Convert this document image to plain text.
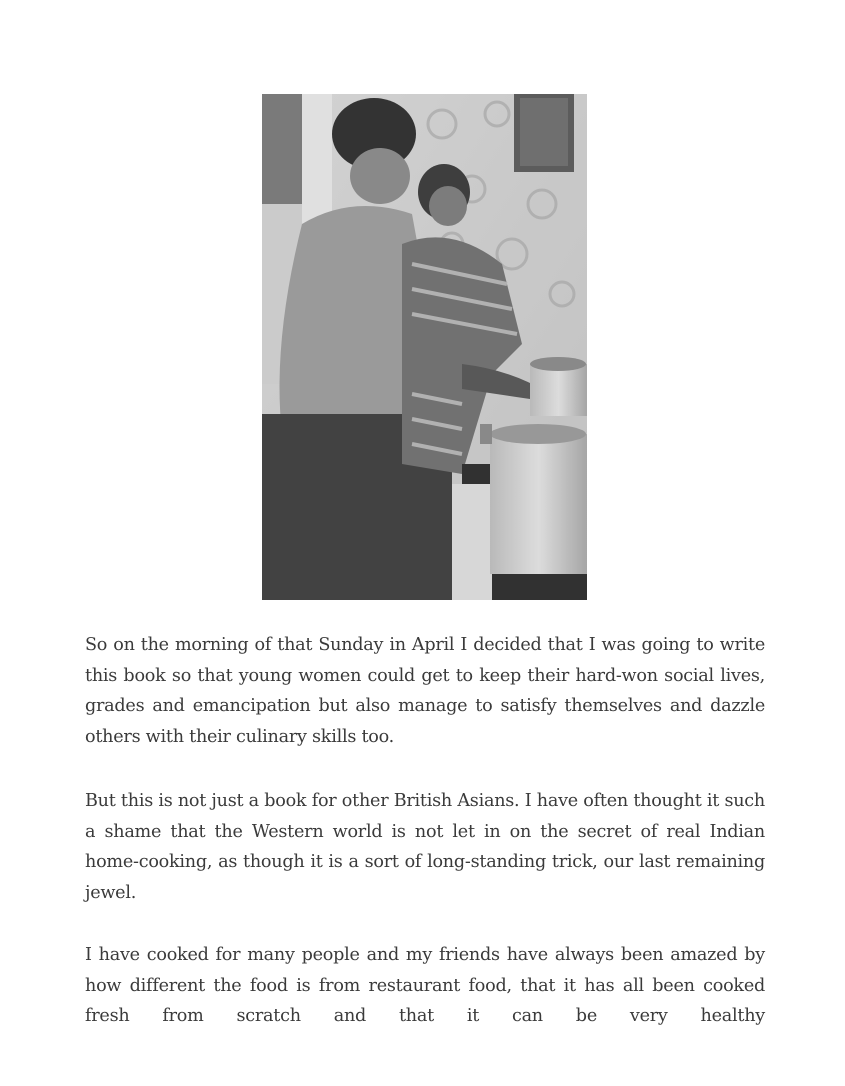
So on the morning of that Sunday in April I decided that I was going to write this book so that young women could get to keep their hard-won social lives, grades and emancipation but also manage to satisfy themselves and dazzle others with their culinary skills too.

But this is not just a book for other British Asians. I have often thought it such a shame that the Western world is not let in on the secret of real Indian home-cooking, as though it is a sort of long-standing trick, our last remaining jewel.

I have cooked for many people and my friends have always been amazed by how different the food is from restaurant food, that it has all been cooked fresh from scratch and that it can be very healthy
